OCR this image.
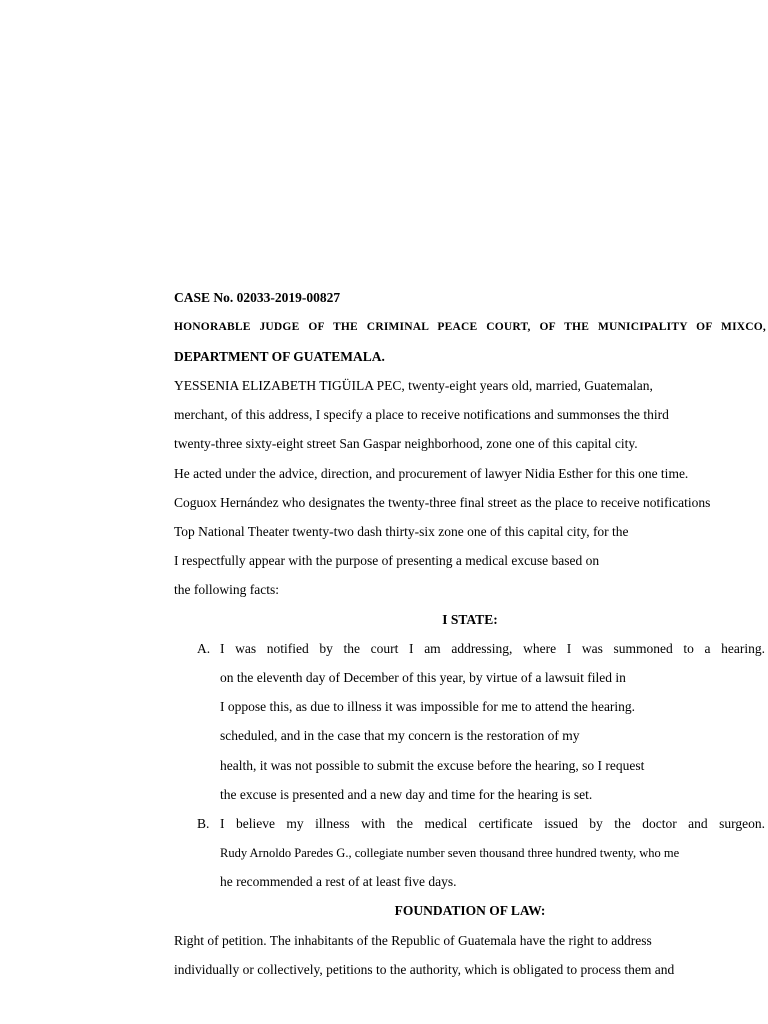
CASE No. 02033-2019-00827
HONORABLE JUDGE OF THE CRIMINAL PEACE COURT, OF THE MUNICIPALITY OF MIXCO,
DEPARTMENT OF GUATEMALA.
YESSENIA ELIZABETH TIGÜILA PEC, twenty-eight years old, married, Guatemalan,
merchant, of this address, I specify a place to receive notifications and summonses the third
twenty-three sixty-eight street San Gaspar neighborhood, zone one of this capital city.
He acted under the advice, direction, and procurement of lawyer Nidia Esther for this one time.
Coguox Hernández who designates the twenty-three final street as the place to receive notifications
Top National Theater twenty-two dash thirty-six zone one of this capital city, for the
I respectfully appear with the purpose of presenting a medical excuse based on
the following facts:
I STATE:
A. I was notified by the court I am addressing, where I was summoned to a hearing.
on the eleventh day of December of this year, by virtue of a lawsuit filed in
I oppose this, as due to illness it was impossible for me to attend the hearing.
scheduled, and in the case that my concern is the restoration of my
health, it was not possible to submit the excuse before the hearing, so I request
the excuse is presented and a new day and time for the hearing is set.
B. I believe my illness with the medical certificate issued by the doctor and surgeon.
Rudy Arnoldo Paredes G., collegiate number seven thousand three hundred twenty, who me
he recommended a rest of at least five days.
FOUNDATION OF LAW:
Right of petition. The inhabitants of the Republic of Guatemala have the right to address
individually or collectively, petitions to the authority, which is obligated to process them and
